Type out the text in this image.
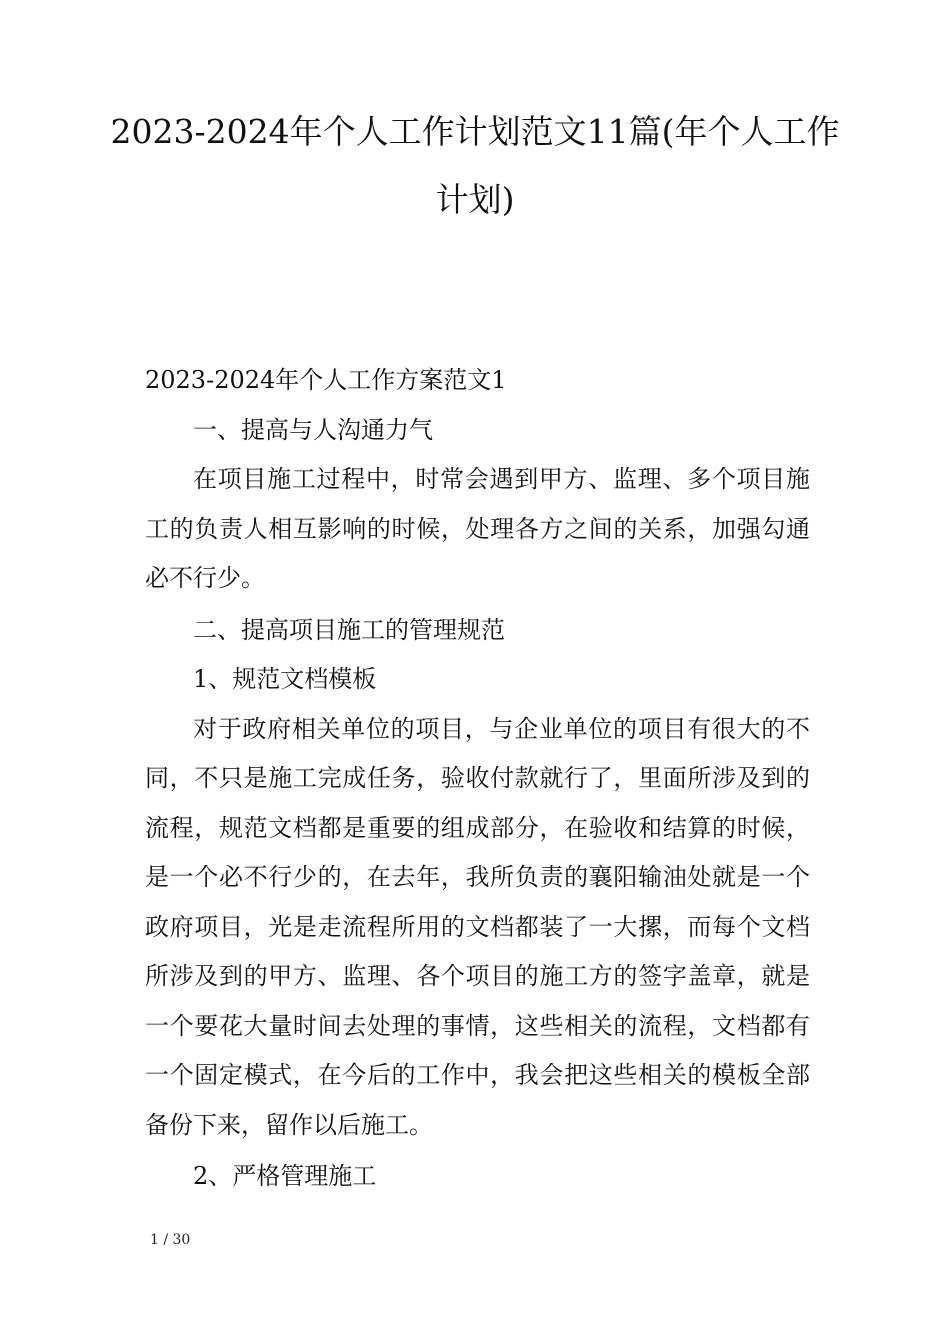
2023-2024年个人工作计划范文11篇(年个人工作计划)

2023-2024年个人工作方案范文1

一、提高与人沟通力气

在项目施工过程中，时常会遇到甲方、监理、多个项目施工的负责人相互影响的时候，处理各方之间的关系，加强勾通必不行少。

二、提高项目施工的管理规范

1、规范文档模板

对于政府相关单位的项目，与企业单位的项目有很大的不同，不只是施工完成任务，验收付款就行了，里面所涉及到的流程，规范文档都是重要的组成部分，在验收和结算的时候，是一个必不行少的，在去年，我所负责的襄阳输油处就是一个政府项目，光是走流程所用的文档都装了一大摞，而每个文档所涉及到的甲方、监理、各个项目的施工方的签字盖章，就是一个要花大量时间去处理的事情，这些相关的流程，文档都有一个固定模式，在今后的工作中，我会把这些相关的模板全部备份下来，留作以后施工。

2、严格管理施工

1 / 30
